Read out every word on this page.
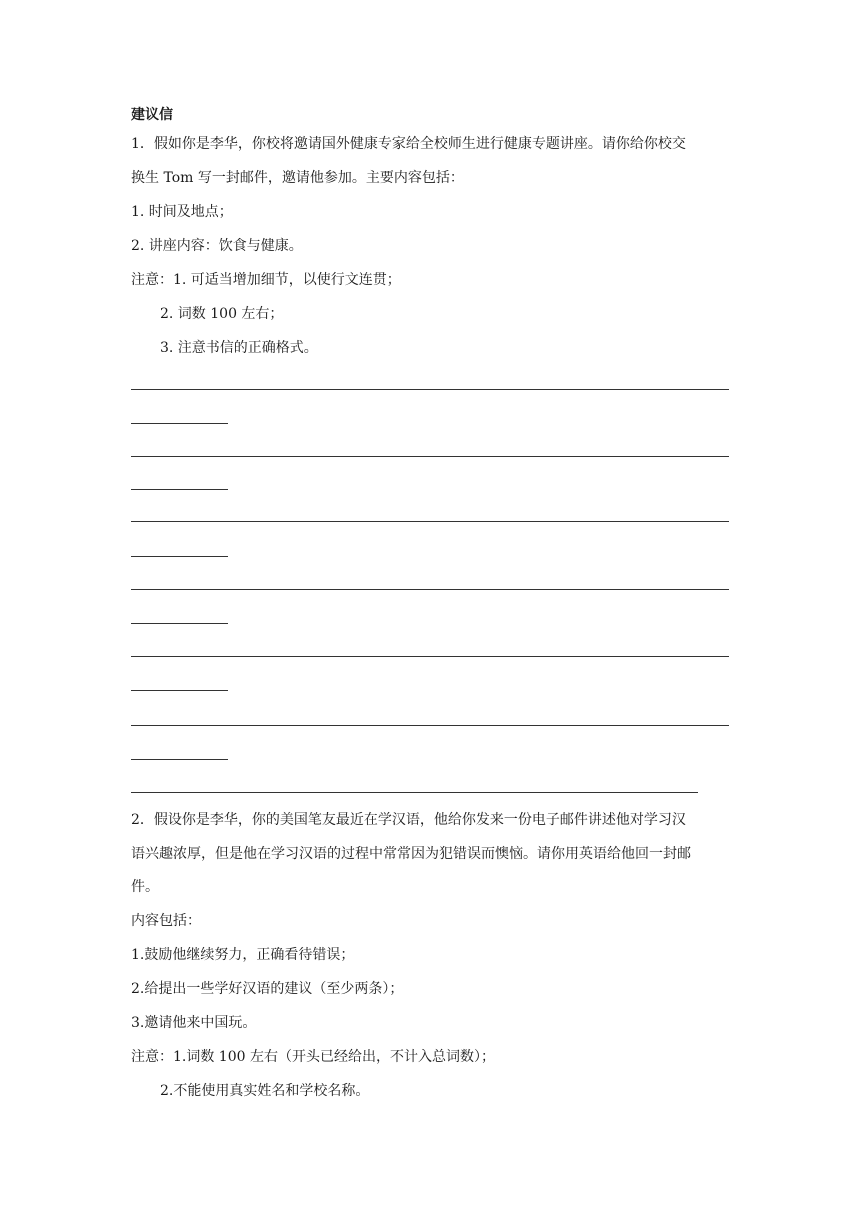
建议信
1．假如你是李华，你校将邀请国外健康专家给全校师生进行健康专题讲座。请你给你校交
换生 Tom 写一封邮件，邀请他参加。主要内容包括：
1. 时间及地点；
2. 讲座内容：饮食与健康。
注意：1. 可适当增加细节，以使行文连贯；
2. 词数 100 左右；
3. 注意书信的正确格式。
2．假设你是李华，你的美国笔友最近在学汉语，他给你发来一份电子邮件讲述他对学习汉
语兴趣浓厚，但是他在学习汉语的过程中常常因为犯错误而懊恼。请你用英语给他回一封邮
件。
内容包括：
1.鼓励他继续努力，正确看待错误；
2.给提出一些学好汉语的建议（至少两条）；
3.邀请他来中国玩。
注意：1.词数 100 左右（开头已经给出，不计入总词数）；
2.不能使用真实姓名和学校名称。
